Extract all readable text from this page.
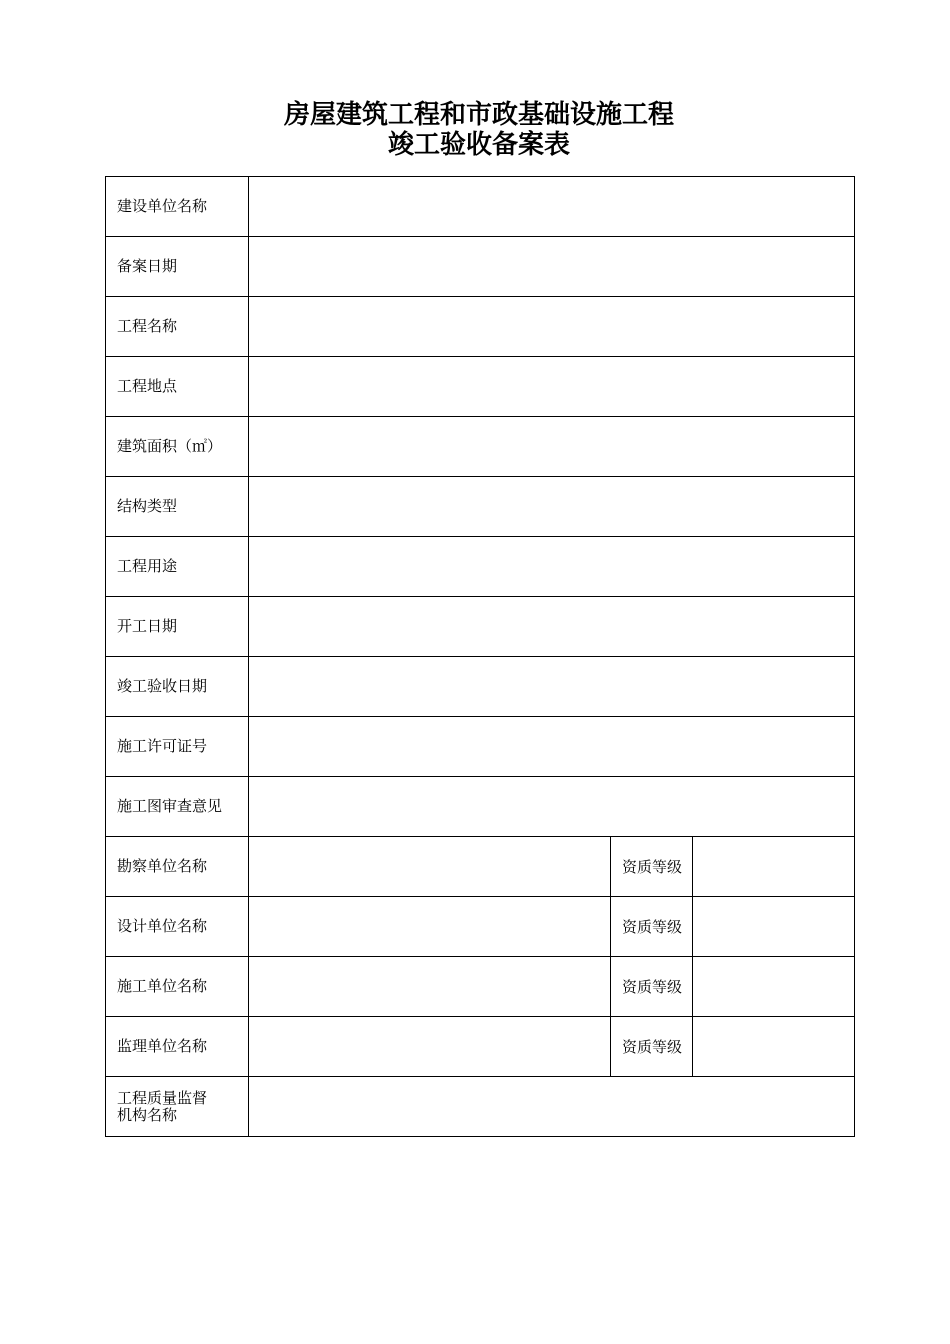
房屋建筑工程和市政基础设施工程
竣工验收备案表
建设单位名称			
备案日期			
工程名称			
工程地点			
建筑面积（㎡）			
结构类型			
工程用途			
开工日期			
竣工验收日期			
施工许可证号			
施工图审查意见			
勘察单位名称		资质等级	
设计单位名称		资质等级	
施工单位名称		资质等级	
监理单位名称		资质等级	
工程质量监督
机构名称			
